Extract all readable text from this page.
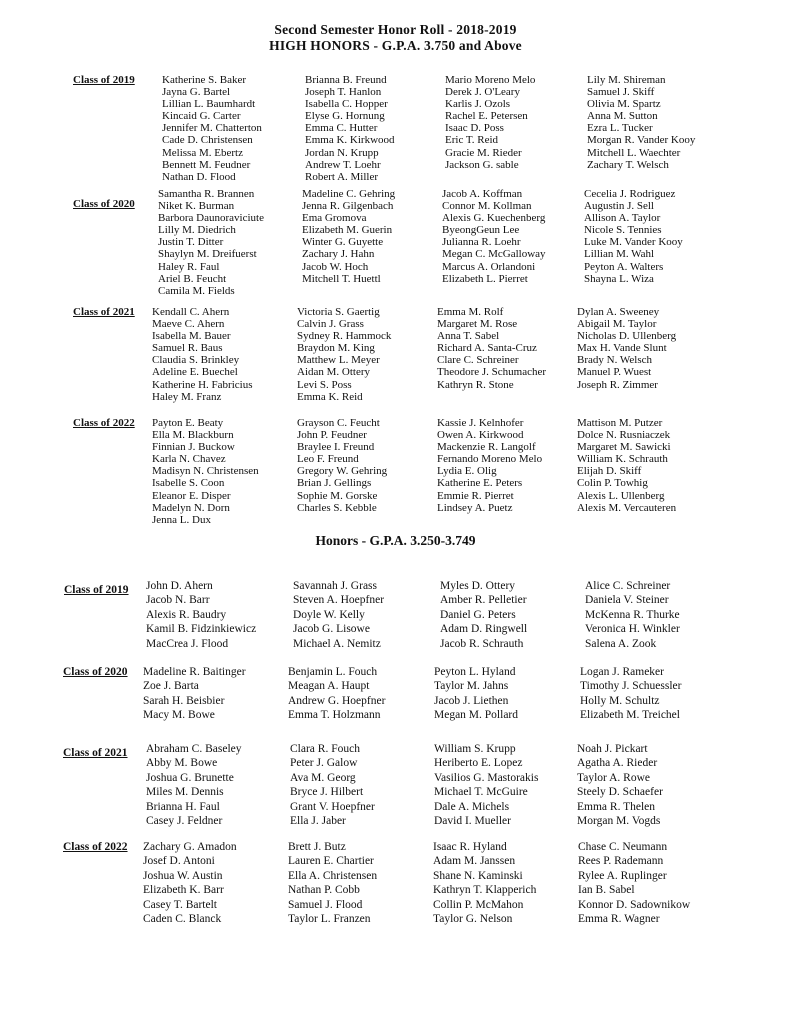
Second Semester Honor Roll - 2018-2019
HIGH HONORS - G.P.A. 3.750 and Above
Class of 2019 Katherine S. Baker
Jayna G. Bartel
Lillian L. Baumhardt
Kincaid G. Carter
Jennifer M. Chatterton
Cade D. Christensen
Melissa M. Ebertz
Bennett M. Feudner
Nathan D. Flood
Brianna B. Freund
Joseph T. Hanlon
Isabella C. Hopper
Elyse G. Hornung
Emma C. Hutter
Emma K. Kirkwood
Jordan N. Krupp
Andrew T. Loehr
Robert A. Miller
Mario Moreno Melo
Derek J. O'Leary
Karlis J. Ozols
Rachel E. Petersen
Isaac D. Poss
Eric T. Reid
Gracie M. Rieder
Jackson G. sable
Lily M. Shireman
Samuel J. Skiff
Olivia M. Spartz
Anna M. Sutton
Ezra L. Tucker
Morgan R. Vander Kooy
Mitchell L. Waechter
Zachary T. Welsch
Class of 2020
Samantha R. Brannen
Niket K. Burman
Barbora Daunoraviciute
Lilly M. Diedrich
Justin T. Ditter
Shaylyn M. Dreifuerst
Haley R. Faul
Ariel B. Feucht
Camila M. Fields
Madeline C. Gehring
Jenna R. Gilgenbach
Ema Gromova
Elizabeth M. Guerin
Winter G. Guyette
Zachary J. Hahn
Jacob W. Hoch
Mitchell T. Huettl
Jacob A. Koffman
Connor M. Kollman
Alexis G. Kuechenberg
ByeongGeun Lee
Julianna R. Loehr
Megan C. McGalloway
Marcus A. Orlandoni
Elizabeth L. Pierret
Cecelia J. Rodriguez
Augustin J. Sell
Allison A. Taylor
Nicole S. Tennies
Luke M. Vander Kooy
Lillian M. Wahl
Peyton A. Walters
Shayna L. Wiza
Class of 2021 Kendall C. Ahern
Maeve C. Ahern
Isabella M. Bauer
Samuel R. Baus
Claudia S. Brinkley
Adeline E. Buechel
Katherine H. Fabricius
Haley M. Franz
Victoria S. Gaertig
Calvin J. Grass
Sydney R. Hammock
Braydon M. King
Matthew L. Meyer
Aidan M. Ottery
Levi S. Poss
Emma K. Reid
Emma M. Rolf
Margaret M. Rose
Anna T. Sabel
Richard A. Santa-Cruz
Clare C. Schreiner
Theodore J. Schumacher
Kathryn R. Stone
Dylan A. Sweeney
Abigail M. Taylor
Nicholas D. Ullenberg
Max H. Vande Slunt
Brady N. Welsch
Manuel P. Wuest
Joseph R. Zimmer
Class of 2022 Payton E. Beaty
Ella M. Blackburn
Finnian J. Buckow
Karla N. Chavez
Madisyn N. Christensen
Isabelle S. Coon
Eleanor E. Disper
Madelyn N. Dorn
Jenna L. Dux
Grayson C. Feucht
John P. Feudner
Braylee I. Freund
Leo F. Freund
Gregory W. Gehring
Brian J. Gellings
Sophie M. Gorske
Charles S. Kebble
Kassie J. Kelnhofer
Owen A. Kirkwood
Mackenzie R. Langolf
Fernando Moreno Melo
Lydia E. Olig
Katherine E. Peters
Emmie R. Pierret
Lindsey A. Puetz
Mattison M. Putzer
Dolce N. Rusniaczek
Margaret M. Sawicki
William K. Schrauth
Elijah D. Skiff
Colin P. Towhig
Alexis L. Ullenberg
Alexis M. Vercauteren
Honors - G.P.A. 3.250-3.749
Class of 2019 John D. Ahern
Jacob N. Barr
Alexis R. Baudry
Kamil B. Fidzinkiewicz
MacCrea J. Flood
Savannah J. Grass
Steven A. Hoepfner
Doyle W. Kelly
Jacob G. Lisowe
Michael A. Nemitz
Myles D. Ottery
Amber R. Pelletier
Daniel G. Peters
Adam D. Ringwell
Jacob R. Schrauth
Alice C. Schreiner
Daniela V. Steiner
McKenna R. Thurke
Veronica H. Winkler
Salena A. Zook
Class of 2020 Madeline R. Baitinger
Zoe J. Barta
Sarah H. Beisbier
Macy M. Bowe
Benjamin L. Fouch
Meagan A. Haupt
Andrew G. Hoepfner
Emma T. Holzmann
Peyton L. Hyland
Taylor M. Jahns
Jacob J. Liethen
Megan M. Pollard
Logan J. Rameker
Timothy J. Schuessler
Holly M. Schultz
Elizabeth M. Treichel
Class of 2021 Abraham C. Baseley
Abby M. Bowe
Joshua G. Brunette
Miles M. Dennis
Brianna H. Faul
Casey J. Feldner
Clara R. Fouch
Peter J. Galow
Ava M. Georg
Bryce J. Hilbert
Grant V. Hoepfner
Ella J. Jaber
William S. Krupp
Heriberto E. Lopez
Vasilios G. Mastorakis
Michael T. McGuire
Dale A. Michels
David I. Mueller
Noah J. Pickart
Agatha A. Rieder
Taylor A. Rowe
Steely D. Schaefer
Emma R. Thelen
Morgan M. Vogds
Class of 2022 Zachary G. Amadon
Josef D. Antoni
Joshua W. Austin
Elizabeth K. Barr
Casey T. Bartelt
Caden C. Blanck
Brett J. Butz
Lauren E. Chartier
Ella A. Christensen
Nathan P. Cobb
Samuel J. Flood
Taylor L. Franzen
Isaac R. Hyland
Adam M. Janssen
Shane N. Kaminski
Kathryn T. Klapperich
Collin P. McMahon
Taylor G. Nelson
Chase C. Neumann
Rees P. Rademann
Rylee A. Ruplinger
Ian B. Sabel
Konnor D. Sadownikow
Emma R. Wagner
